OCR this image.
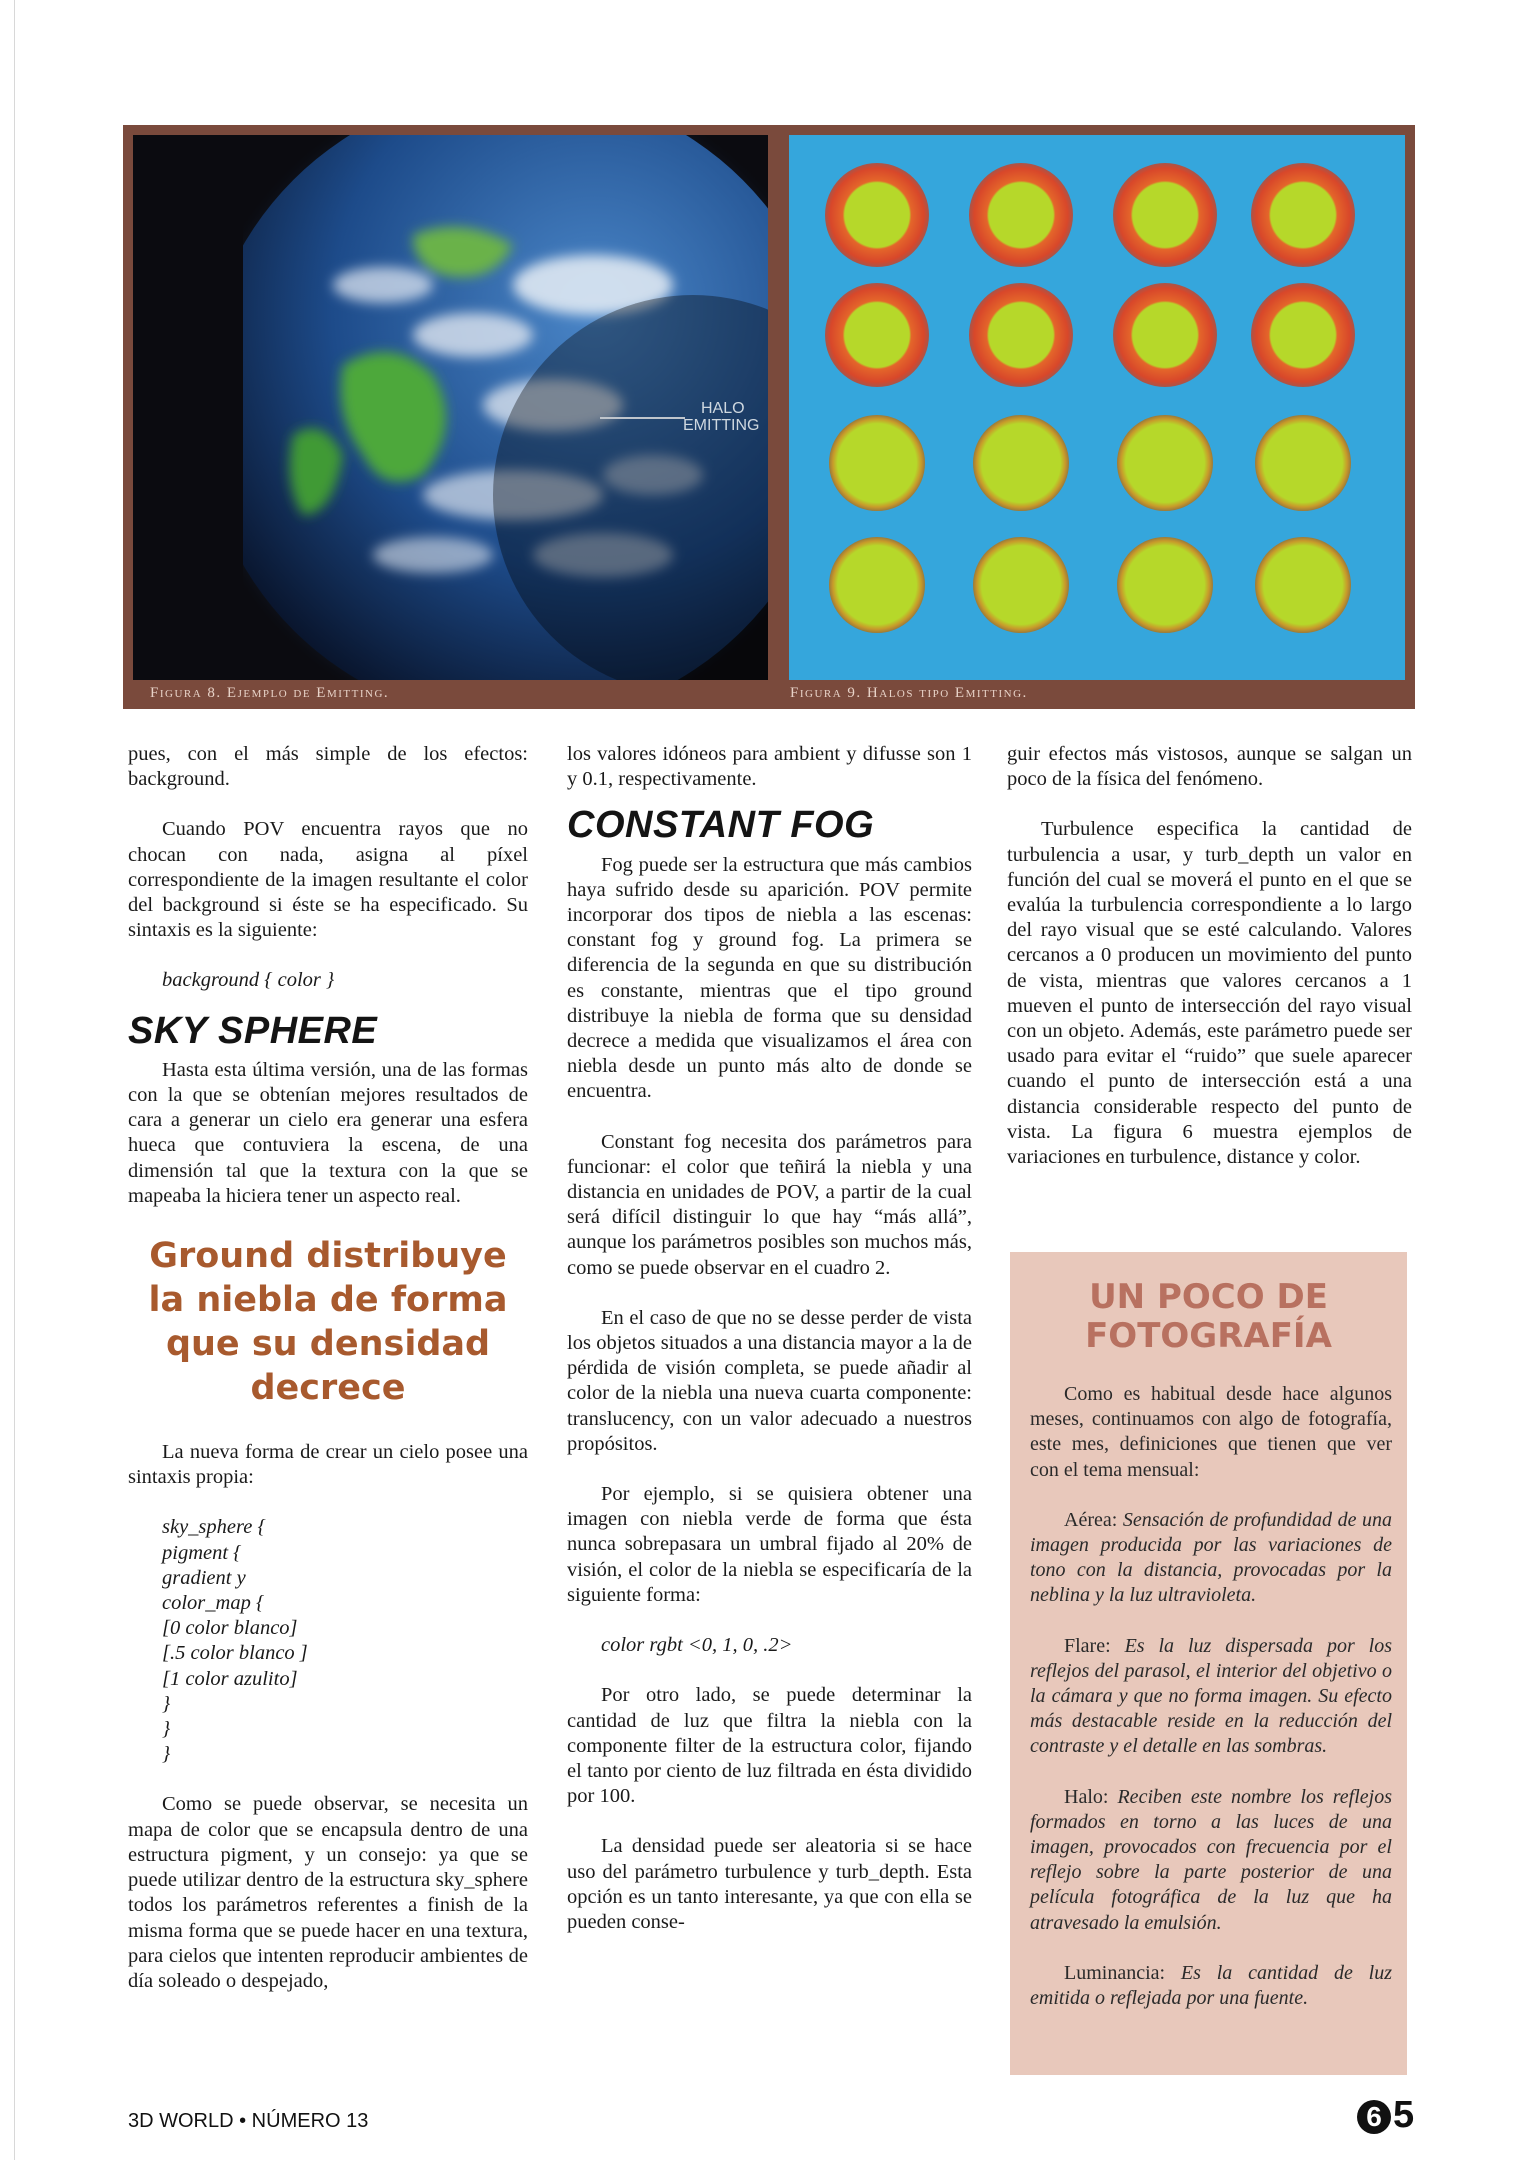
HALO
EMITTING
Figura 8. Ejemplo de Emitting.	Figura 9. Halos tipo Emitting.

pues, con el más simple de los efectos: background.

Cuando POV encuentra rayos que no chocan con nada, asigna al píxel correspondiente de la imagen resultante el color del background si éste se ha especificado. Su sintaxis es la siguiente:

background { color }
SKY SPHERE

Hasta esta última versión, una de las formas con la que se obtenían mejores resultados de cara a generar un cielo era generar una esfera hueca que contuviera la escena, de una dimensión tal que la textura con la que se mapeaba la hiciera tener un aspecto real.

Ground distribuye la niebla de forma que su densidad decrece

La nueva forma de crear un cielo posee una sintaxis propia:

sky_sphere {
pigment {
gradient y
color_map {
[0 color blanco]
[.5 color blanco ]
[1 color azulito]
}
}
}

Como se puede observar, se necesita un mapa de color que se encapsula dentro de una estructura pigment, y un consejo: ya que se puede utilizar dentro de la estructura sky_sphere todos los parámetros referentes a finish de la misma forma que se puede hacer en una textura, para cielos que intenten reproducir ambientes de día soleado o despejado,

los valores idóneos para ambient y difusse son 1 y 0.1, respectivamente.

CONSTANT FOG

Fog puede ser la estructura que más cambios haya sufrido desde su aparición. POV permite incorporar dos tipos de niebla a las escenas: constant fog y ground fog. La primera se diferencia de la segunda en que su distribución es constante, mientras que el tipo ground distribuye la niebla de forma que su densidad decrece a medida que visualizamos el área con niebla desde un punto más alto de donde se encuentra.

Constant fog necesita dos parámetros para funcionar: el color que teñirá la niebla y una distancia en unidades de POV, a partir de la cual será difícil distinguir lo que hay “más allá”, aunque los parámetros posibles son muchos más, como se puede observar en el cuadro 2.

En el caso de que no se desse perder de vista los objetos situados a una distancia mayor a la de pérdida de visión completa, se puede añadir al color de la niebla una nueva cuarta componente: translucency, con un valor adecuado a nuestros propósitos.

Por ejemplo, si se quisiera obtener una imagen con niebla verde de forma que ésta nunca sobrepasara un umbral fijado al 20% de visión, el color de la niebla se especificaría de la siguiente forma:

color rgbt <0, 1, 0, .2>

Por otro lado, se puede determinar la cantidad de luz que filtra la niebla con la componente filter de la estructura color, fijando el tanto por ciento de luz filtrada en ésta dividido por 100.

La densidad puede ser aleatoria si se hace uso del parámetro turbulence y turb_depth. Esta opción es un tanto interesante, ya que con ella se pueden conse-

guir efectos más vistosos, aunque se salgan un poco de la física del fenómeno.

Turbulence especifica la cantidad de turbulencia a usar, y turb_depth un valor en función del cual se moverá el punto en el que se evalúa la turbulencia correspondiente a lo largo del rayo visual que se esté calculando. Valores cercanos a 0 producen un movimiento del punto de vista, mientras que valores cercanos a 1 mueven el punto de intersección del rayo visual con un objeto. Además, este parámetro puede ser usado para evitar el “ruido” que suele aparecer cuando el punto de intersección está a una distancia considerable respecto del punto de vista. La figura 6 muestra ejemplos de variaciones en turbulence, distance y color.

UN POCO DE
FOTOGRAFÍA

Como es habitual desde hace algunos meses, continuamos con algo de fotografía, este mes, definiciones que tienen que ver con el tema mensual:

Aérea: Sensación de profundidad de una imagen producida por las variaciones de tono con la distancia, provocadas por la neblina y la luz ultravioleta.

Flare: Es la luz dispersada por los reflejos del parasol, el interior del objetivo o la cámara y que no forma imagen. Su efecto más destacable reside en la reducción del contraste y el detalle en las sombras.

Halo: Reciben este nombre los reflejos formados en torno a las luces de una imagen, provocados con frecuencia por el reflejo sobre la parte posterior de una película fotográfica de la luz que ha atravesado la emulsión.

Luminancia: Es la cantidad de luz emitida o reflejada por una fuente.

3D WORLD • NÚMERO 13	6 5
